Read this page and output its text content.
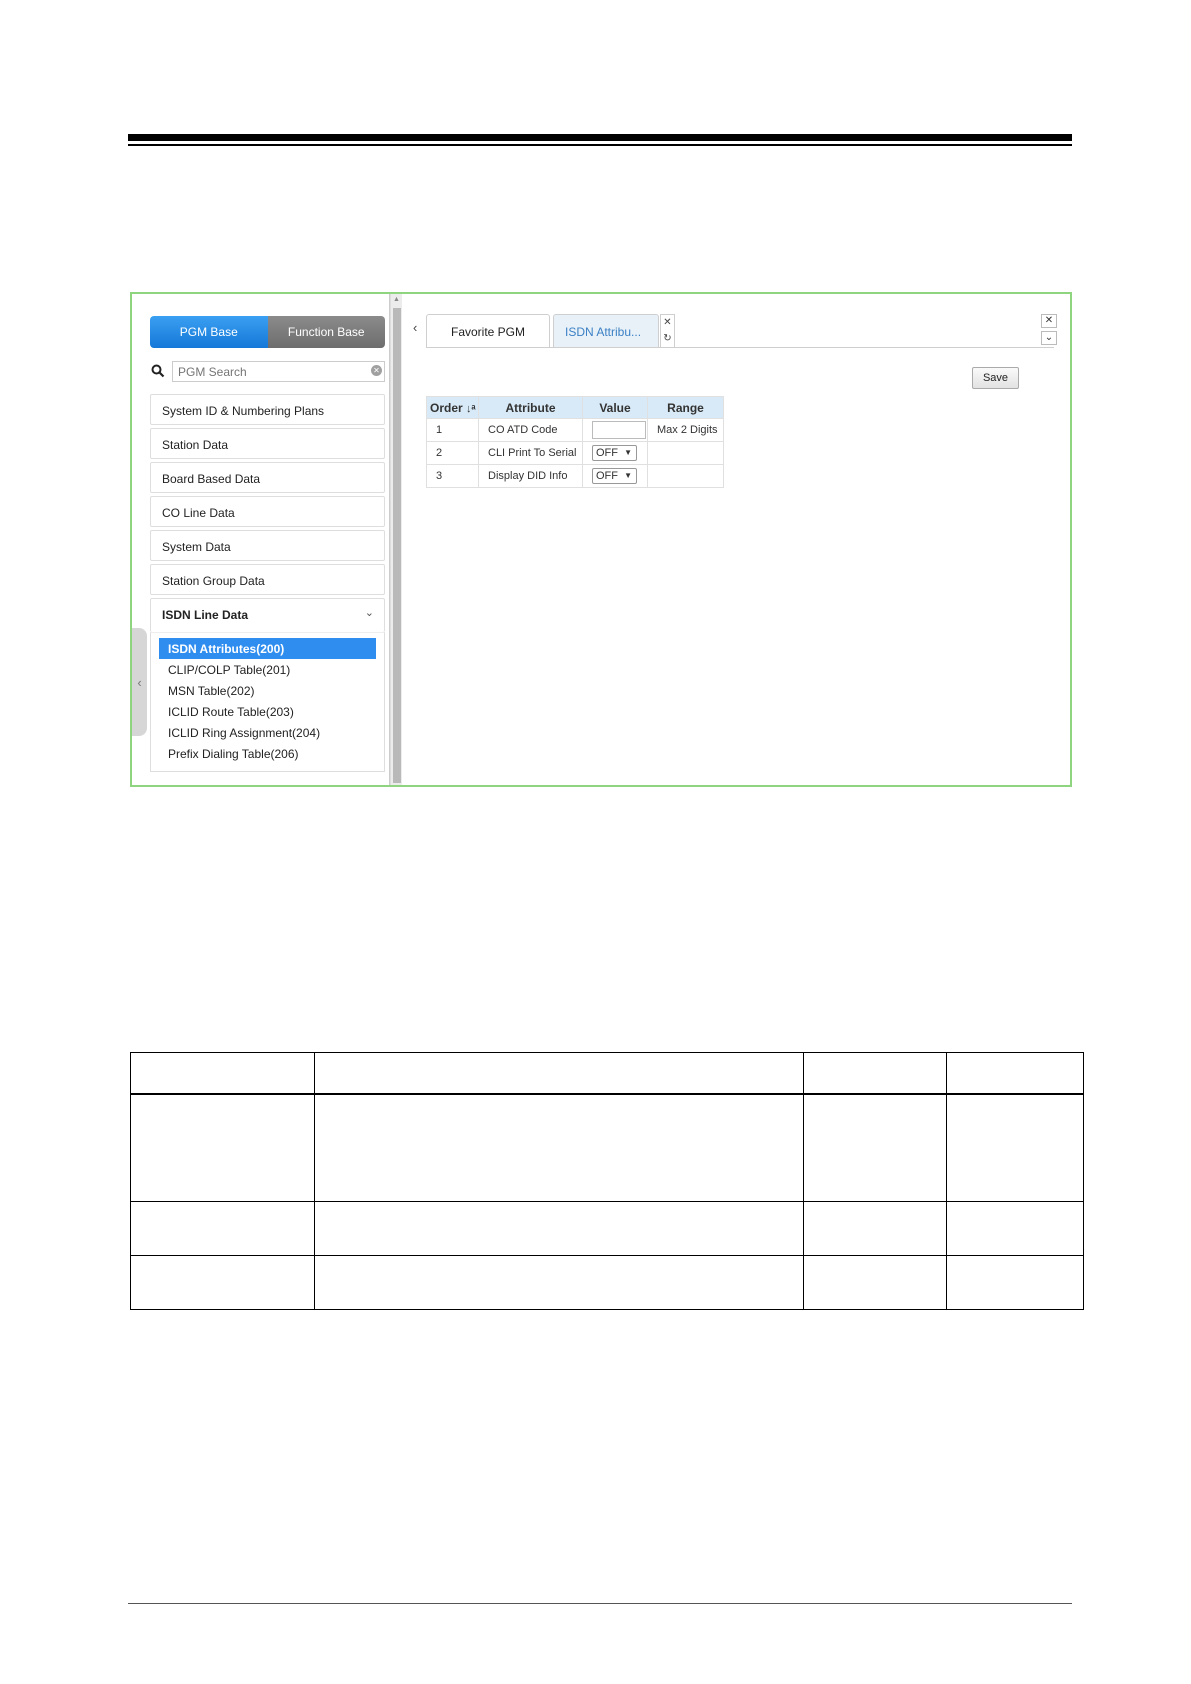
PGM Base	Function Base
PGM Search
✕
System ID & Numbering Plans
Station Data
Board Based Data
CO Line Data
System Data
Station Group Data
ISDN Line Data	⌄
ISDN Attributes(200)
CLIP/COLP Table(201)
MSN Table(202)
ICLID Route Table(203)
ICLID Ring Assignment(204)
Prefix Dialing Table(206)
‹
▲
‹	Favorite PGM	ISDN Attribu...
✕
↻
✕
⌄
Save
Order ↓ᵃ	Attribute	Value	Range
1	CO ATD Code		Max 2 Digits
2	CLI Print To Serial	OFF ▼	

3	Display DID Info	OFF ▼	
